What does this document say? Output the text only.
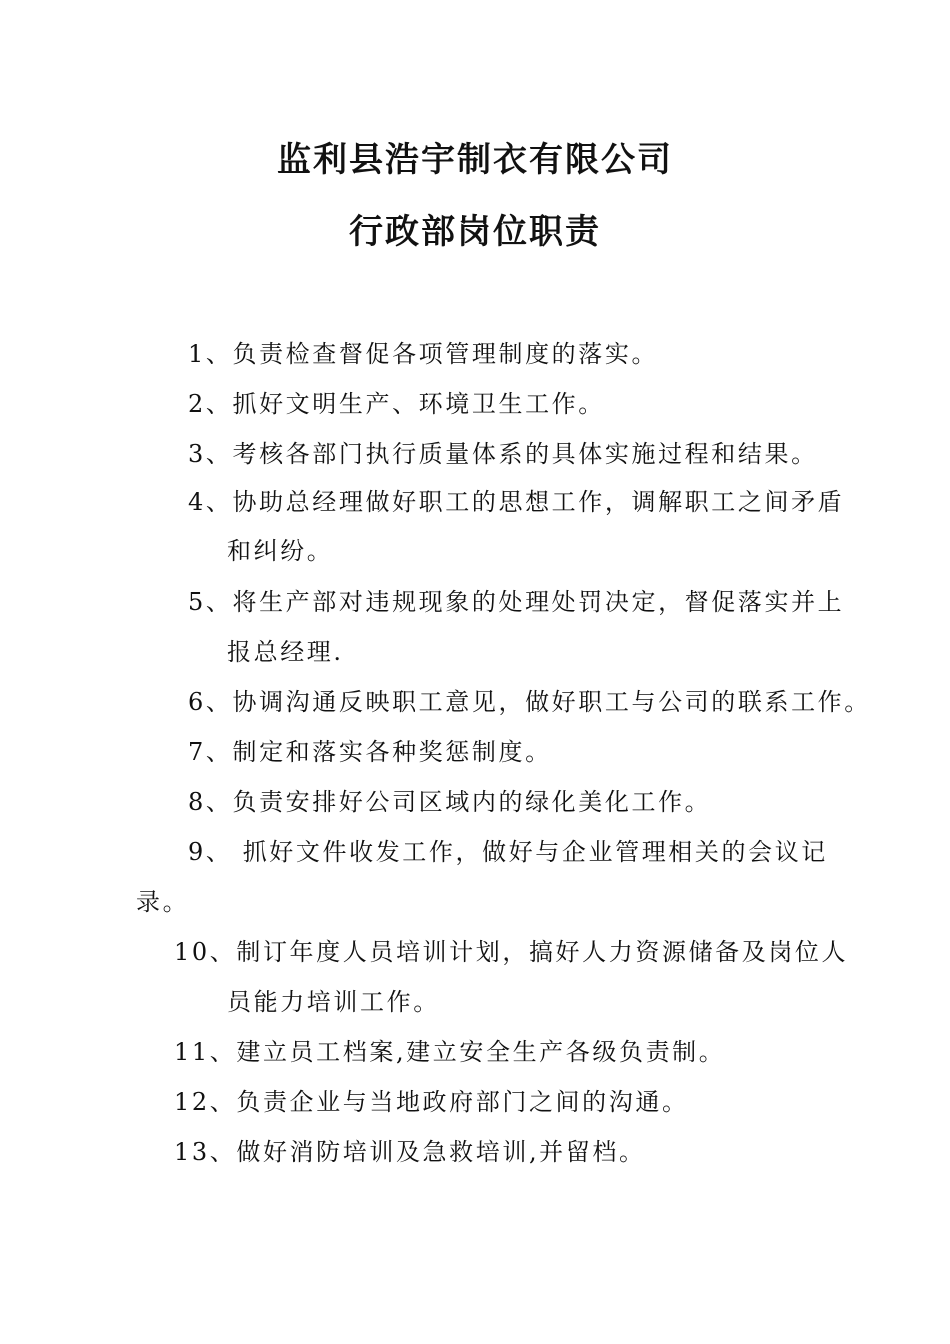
监利县浩宇制衣有限公司
行政部岗位职责

1、负责检查督促各项管理制度的落实。

2、抓好文明生产、环境卫生工作。

3、考核各部门执行质量体系的具体实施过程和结果。

4、协助总经理做好职工的思想工作，调解职工之间矛盾

和纠纷。

5、将生产部对违规现象的处理处罚决定，督促落实并上

报总经理.

6、协调沟通反映职工意见，做好职工与公司的联系工作。

7、制定和落实各种奖惩制度。

8、负责安排好公司区域内的绿化美化工作。

9、 抓好文件收发工作，做好与企业管理相关的会议记

录。

10、制订年度人员培训计划，搞好人力资源储备及岗位人

员能力培训工作。

11、建立员工档案,建立安全生产各级负责制。

12、负责企业与当地政府部门之间的沟通。

13、做好消防培训及急救培训,并留档。
